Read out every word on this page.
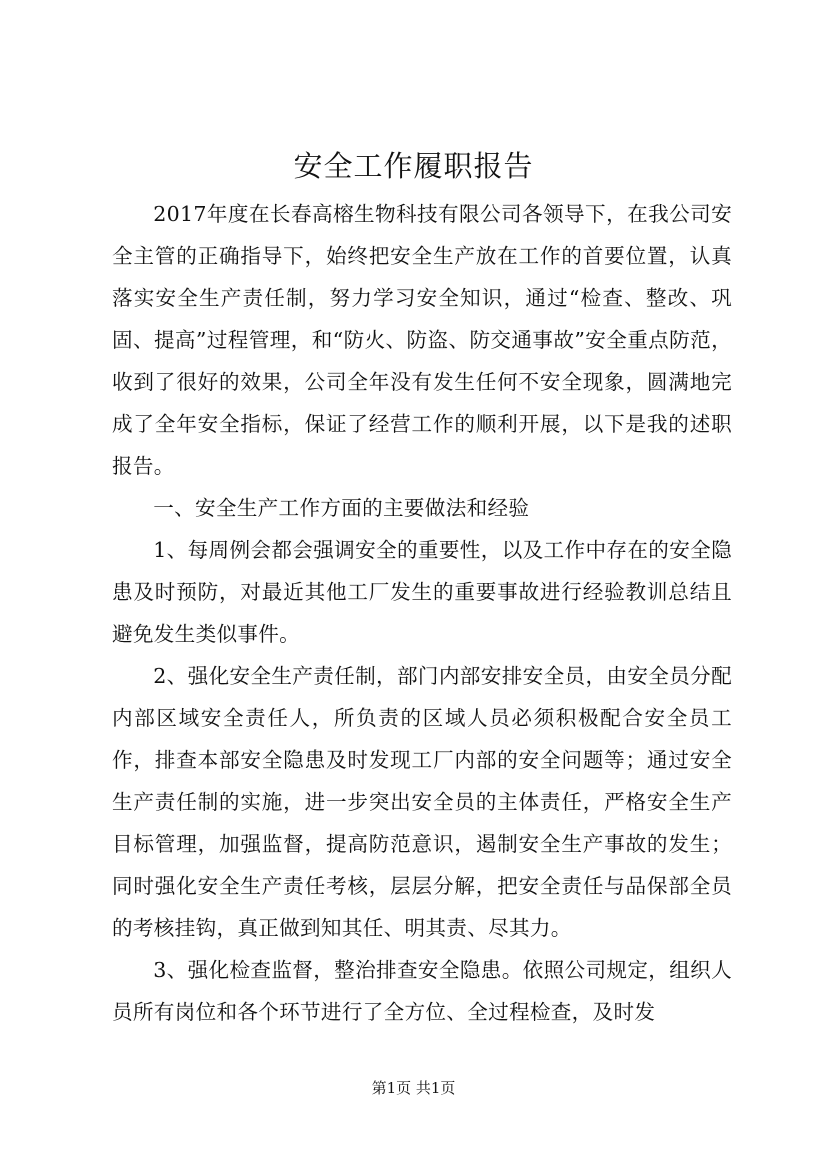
安全工作履职报告

2017年度在长春高榕生物科技有限公司各领导下，在我公司安全主管的正确指导下，始终把安全生产放在工作的首要位置，认真落实安全生产责任制，努力学习安全知识，通过“检查、整改、巩固、提高”过程管理，和“防火、防盗、防交通事故”安全重点防范，收到了很好的效果，公司全年没有发生任何不安全现象，圆满地完成了全年安全指标，保证了经营工作的顺利开展，以下是我的述职报告。

一、安全生产工作方面的主要做法和经验

1、每周例会都会强调安全的重要性，以及工作中存在的安全隐患及时预防，对最近其他工厂发生的重要事故进行经验教训总结且避免发生类似事件。

2、强化安全生产责任制，部门内部安排安全员，由安全员分配内部区域安全责任人，所负责的区域人员必须积极配合安全员工作，排查本部安全隐患及时发现工厂内部的安全问题等；通过安全生产责任制的实施，进一步突出安全员的主体责任，严格安全生产目标管理，加强监督，提高防范意识，遏制安全生产事故的发生；同时强化安全生产责任考核，层层分解，把安全责任与品保部全员的考核挂钩，真正做到知其任、明其责、尽其力。

3、强化检查监督，整治排查安全隐患。依照公司规定，组织人员所有岗位和各个环节进行了全方位、全过程检查，及时发

第1页 共1页
